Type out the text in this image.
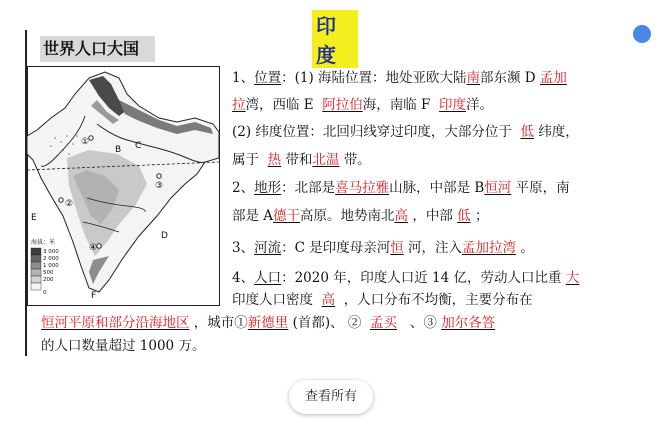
印度
世界人口大国
①
②
③
④
B C
D
E
F
海拔：米
3 000
2 000
1 000
500
200
0
1、位置：(1) 海陆位置：地处亚欧大陆南部东濒 D 孟加
拉湾，西临 E 阿拉伯海，南临 F 印度洋。
(2) 纬度位置：北回归线穿过印度，大部分位于 低 纬度，
属于 热 带和北温 带。
2、地形：北部是喜马拉雅山脉，中部是 B恒河 平原，南
部是 A德干高原。地势南北高 ，中部 低 ；
3、河流：C 是印度母亲河恒 河，注入孟加拉湾 。
4、人口：2020 年，印度人口近 14 亿，劳动人口比重 大
印度人口密度 高 ，人口分布不均衡，主要分布在
恒河平原和部分沿海地区 ，城市①新德里 (首都)、 ② 孟买 、③ 加尔各答
的人口数量超过 1000 万。
查看所有
